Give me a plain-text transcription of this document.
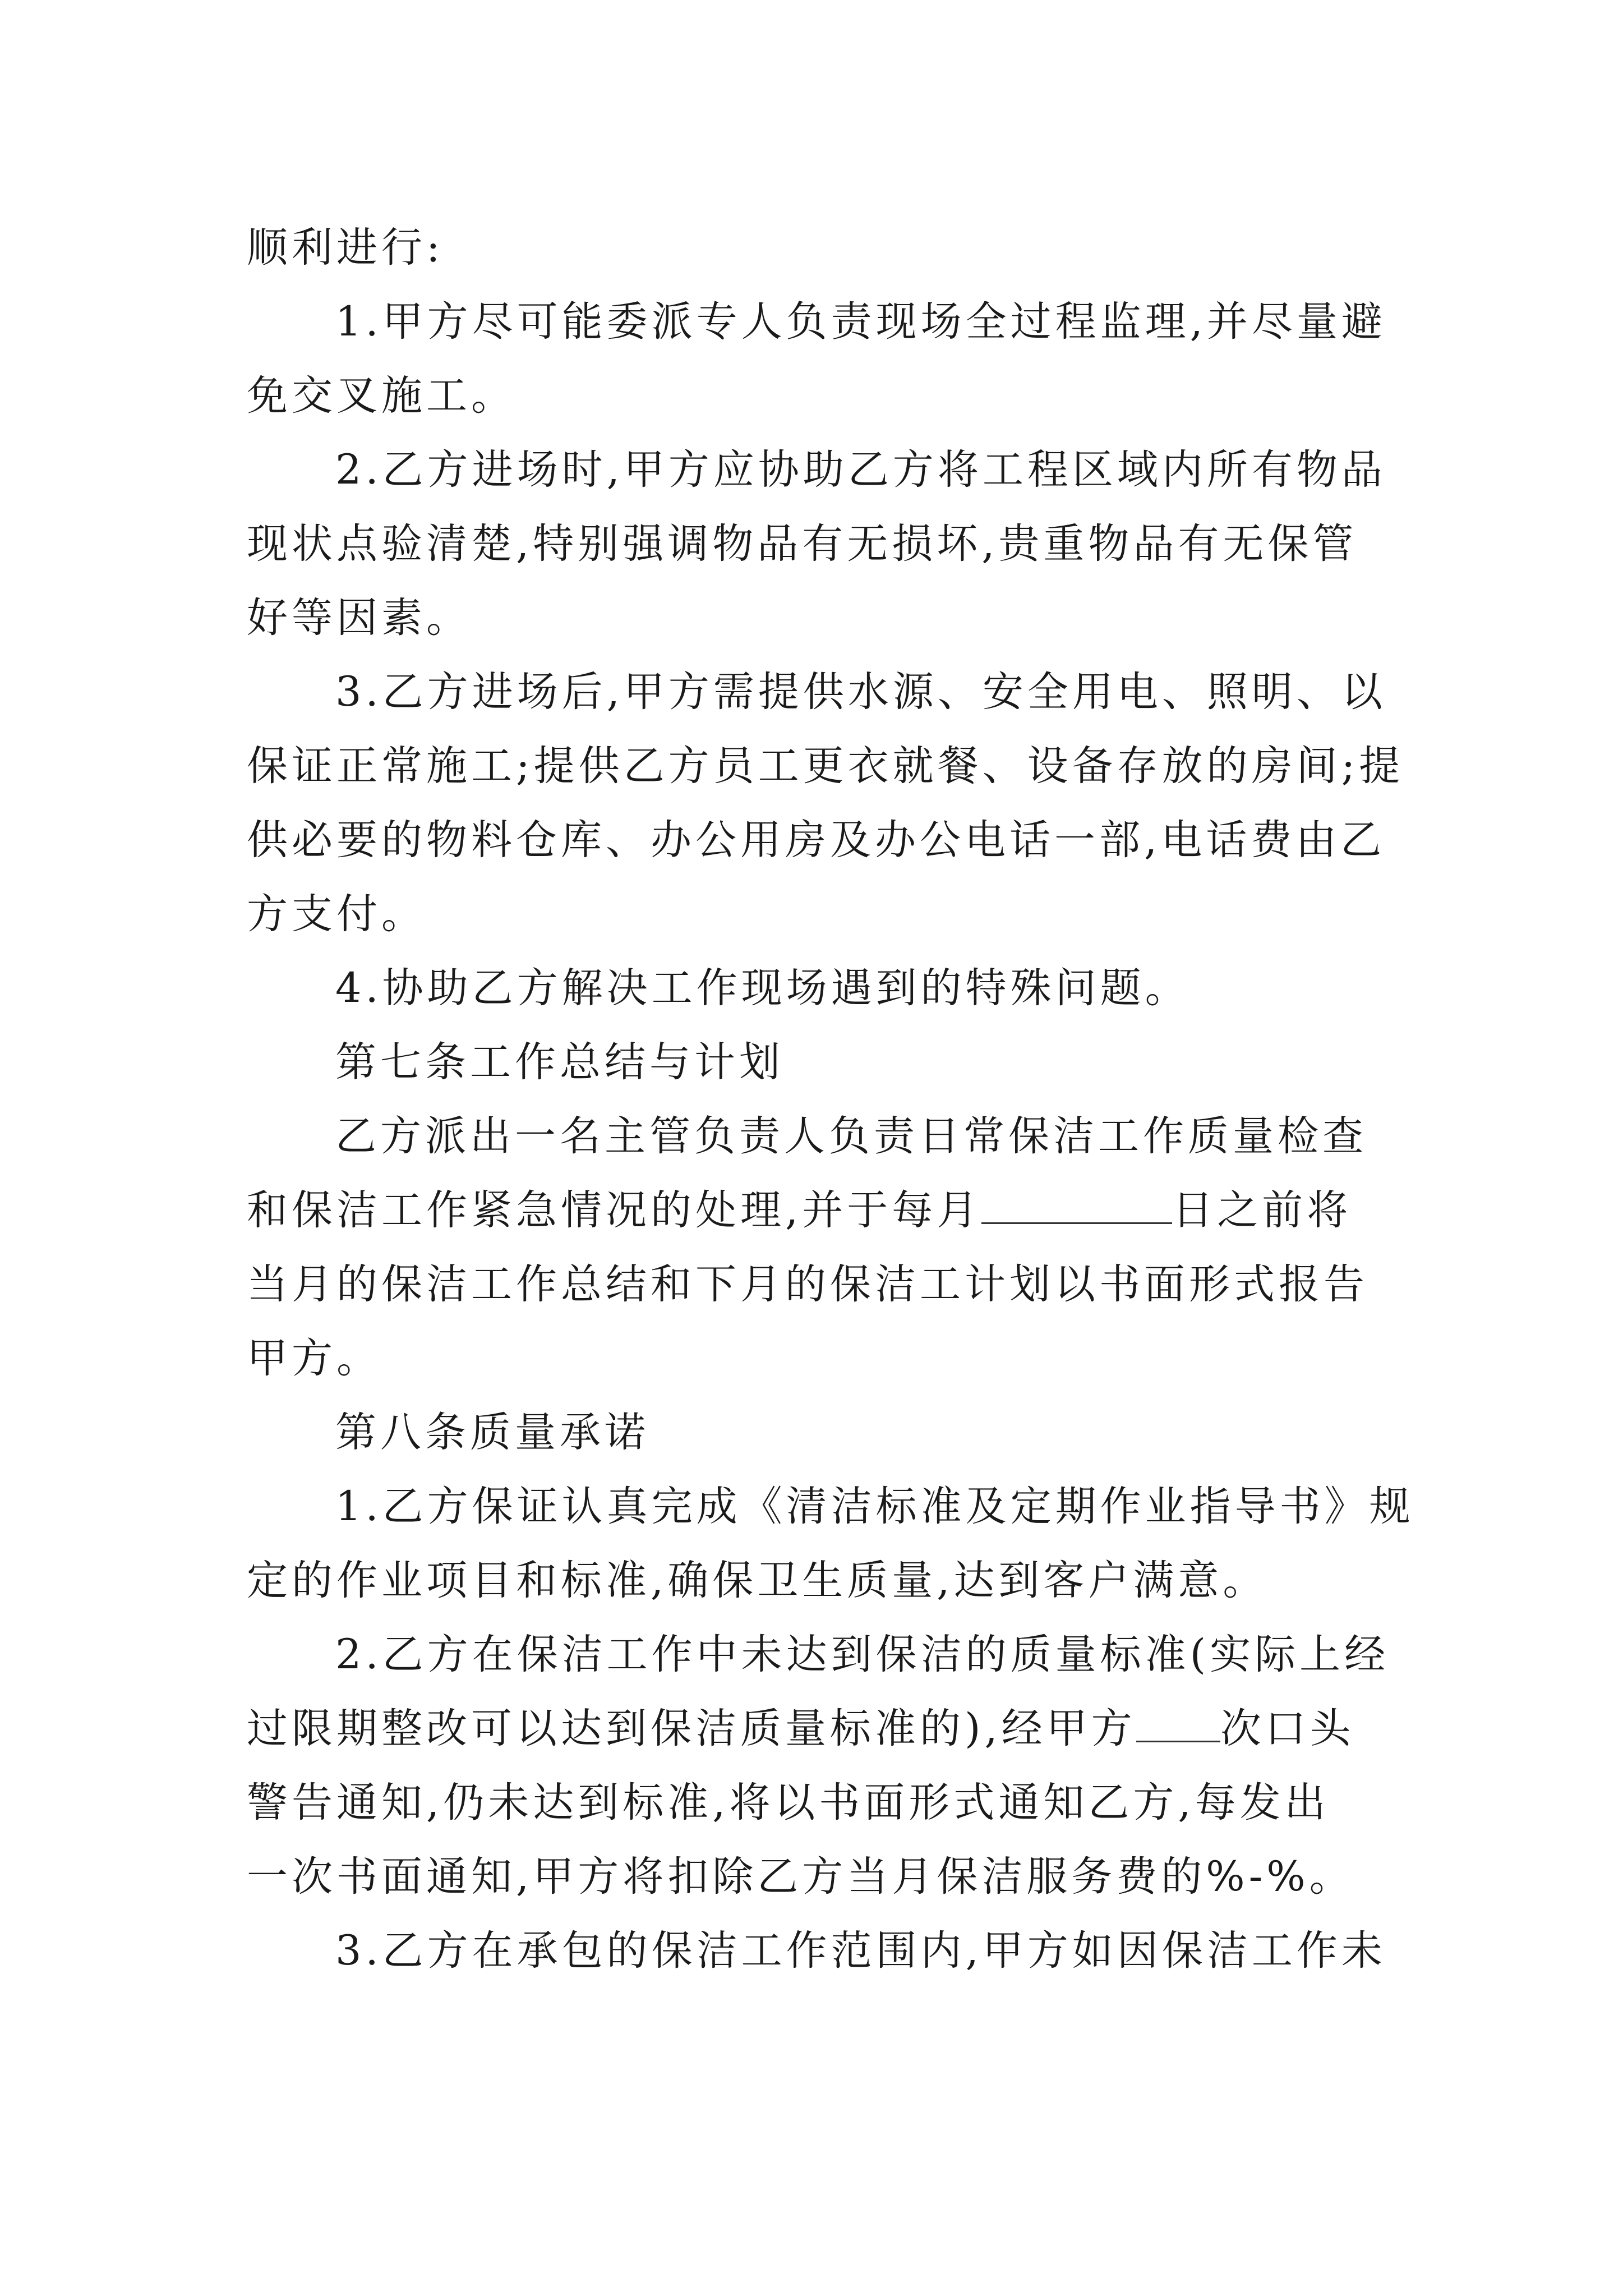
顺利进行:
1.甲方尽可能委派专人负责现场全过程监理,并尽量避
免交叉施工。
2.乙方进场时,甲方应协助乙方将工程区域内所有物品
现状点验清楚,特别强调物品有无损坏,贵重物品有无保管
好等因素。
3.乙方进场后,甲方需提供水源、安全用电、照明、以
保证正常施工;提供乙方员工更衣就餐、设备存放的房间;提
供必要的物料仓库、办公用房及办公电话一部,电话费由乙
方支付。
4.协助乙方解决工作现场遇到的特殊问题。
第七条工作总结与计划
乙方派出一名主管负责人负责日常保洁工作质量检查
和保洁工作紧急情况的处理,并于每月	日之前将
当月的保洁工作总结和下月的保洁工计划以书面形式报告
甲方。
第八条质量承诺
1.乙方保证认真完成《清洁标准及定期作业指导书》规
定的作业项目和标准,确保卫生质量,达到客户满意。
2.乙方在保洁工作中未达到保洁的质量标准(实际上经
过限期整改可以达到保洁质量标准的),经甲方 次口头
警告通知,仍未达到标准,将以书面形式通知乙方,每发出
一次书面通知,甲方将扣除乙方当月保洁服务费的%-%。
3.乙方在承包的保洁工作范围内,甲方如因保洁工作未
